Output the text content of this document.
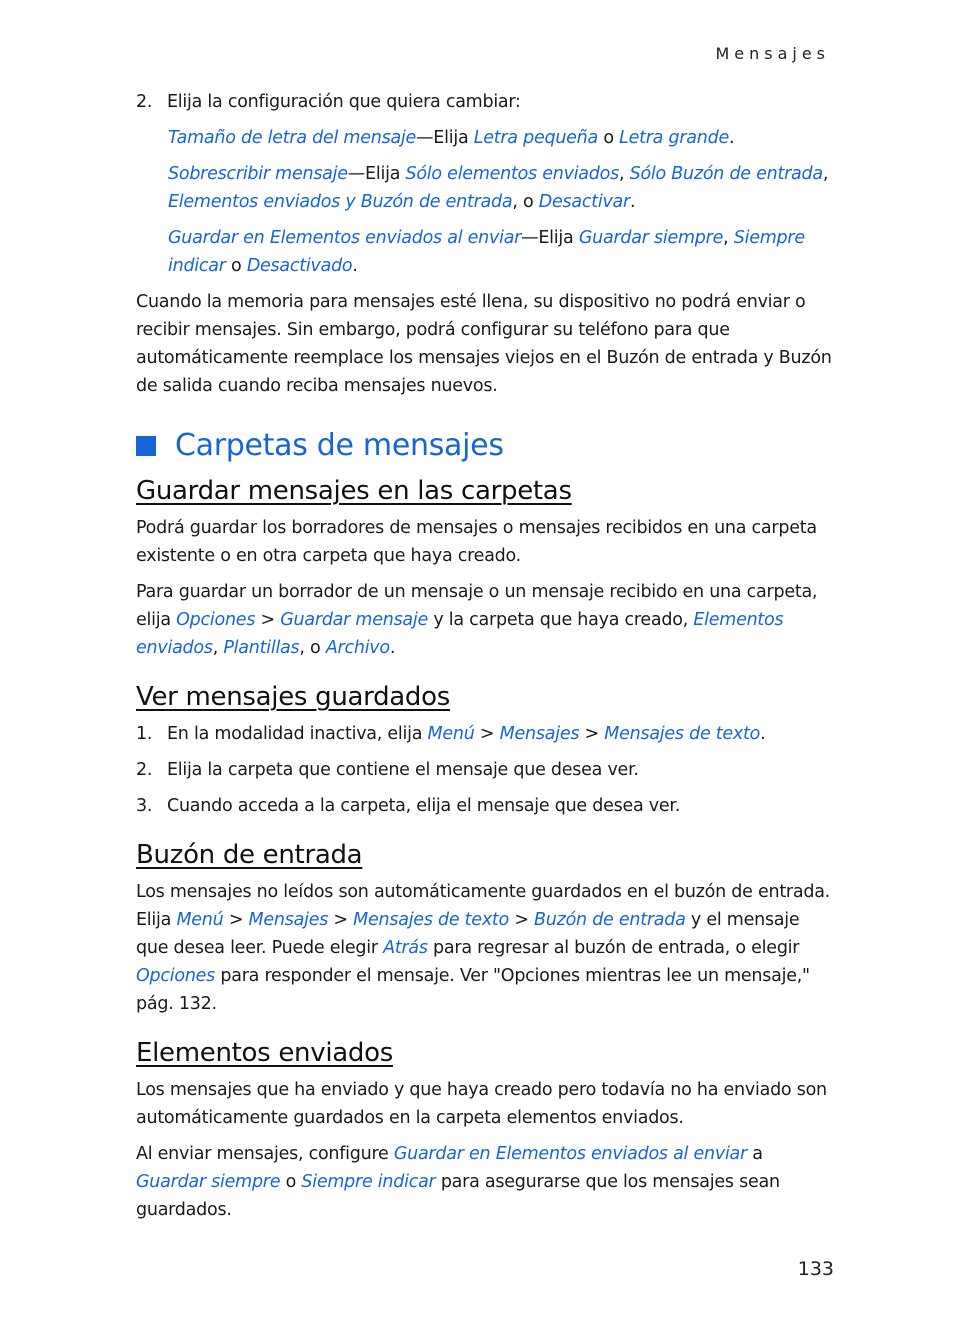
Mensajes
2. Elija la configuración que quiera cambiar:

Tamaño de letra del mensaje—Elija Letra pequeña o Letra grande.

Sobrescribir mensaje—Elija Sólo elementos enviados, Sólo Buzón de entrada, Elementos enviados y Buzón de entrada, o Desactivar.

Guardar en Elementos enviados al enviar—Elija Guardar siempre, Siempre indicar o Desactivado.

Cuando la memoria para mensajes esté llena, su dispositivo no podrá enviar o recibir mensajes. Sin embargo, podrá configurar su teléfono para que automáticamente reemplace los mensajes viejos en el Buzón de entrada y Buzón de salida cuando reciba mensajes nuevos.

Carpetas de mensajes
Guardar mensajes en las carpetas

Podrá guardar los borradores de mensajes o mensajes recibidos en una carpeta existente o en otra carpeta que haya creado.

Para guardar un borrador de un mensaje o un mensaje recibido en una carpeta, elija Opciones > Guardar mensaje y la carpeta que haya creado, Elementos enviados, Plantillas, o Archivo.

Ver mensajes guardados
1. En la modalidad inactiva, elija Menú > Mensajes > Mensajes de texto.
2. Elija la carpeta que contiene el mensaje que desea ver.
3. Cuando acceda a la carpeta, elija el mensaje que desea ver.
Buzón de entrada

Los mensajes no leídos son automáticamente guardados en el buzón de entrada. Elija Menú > Mensajes > Mensajes de texto > Buzón de entrada y el mensaje que desea leer. Puede elegir Atrás para regresar al buzón de entrada, o elegir Opciones para responder el mensaje. Ver "Opciones mientras lee un mensaje," pág. 132.

Elementos enviados

Los mensajes que ha enviado y que haya creado pero todavía no ha enviado son automáticamente guardados en la carpeta elementos enviados.

Al enviar mensajes, configure Guardar en Elementos enviados al enviar a Guardar siempre o Siempre indicar para asegurarse que los mensajes sean guardados.

133
